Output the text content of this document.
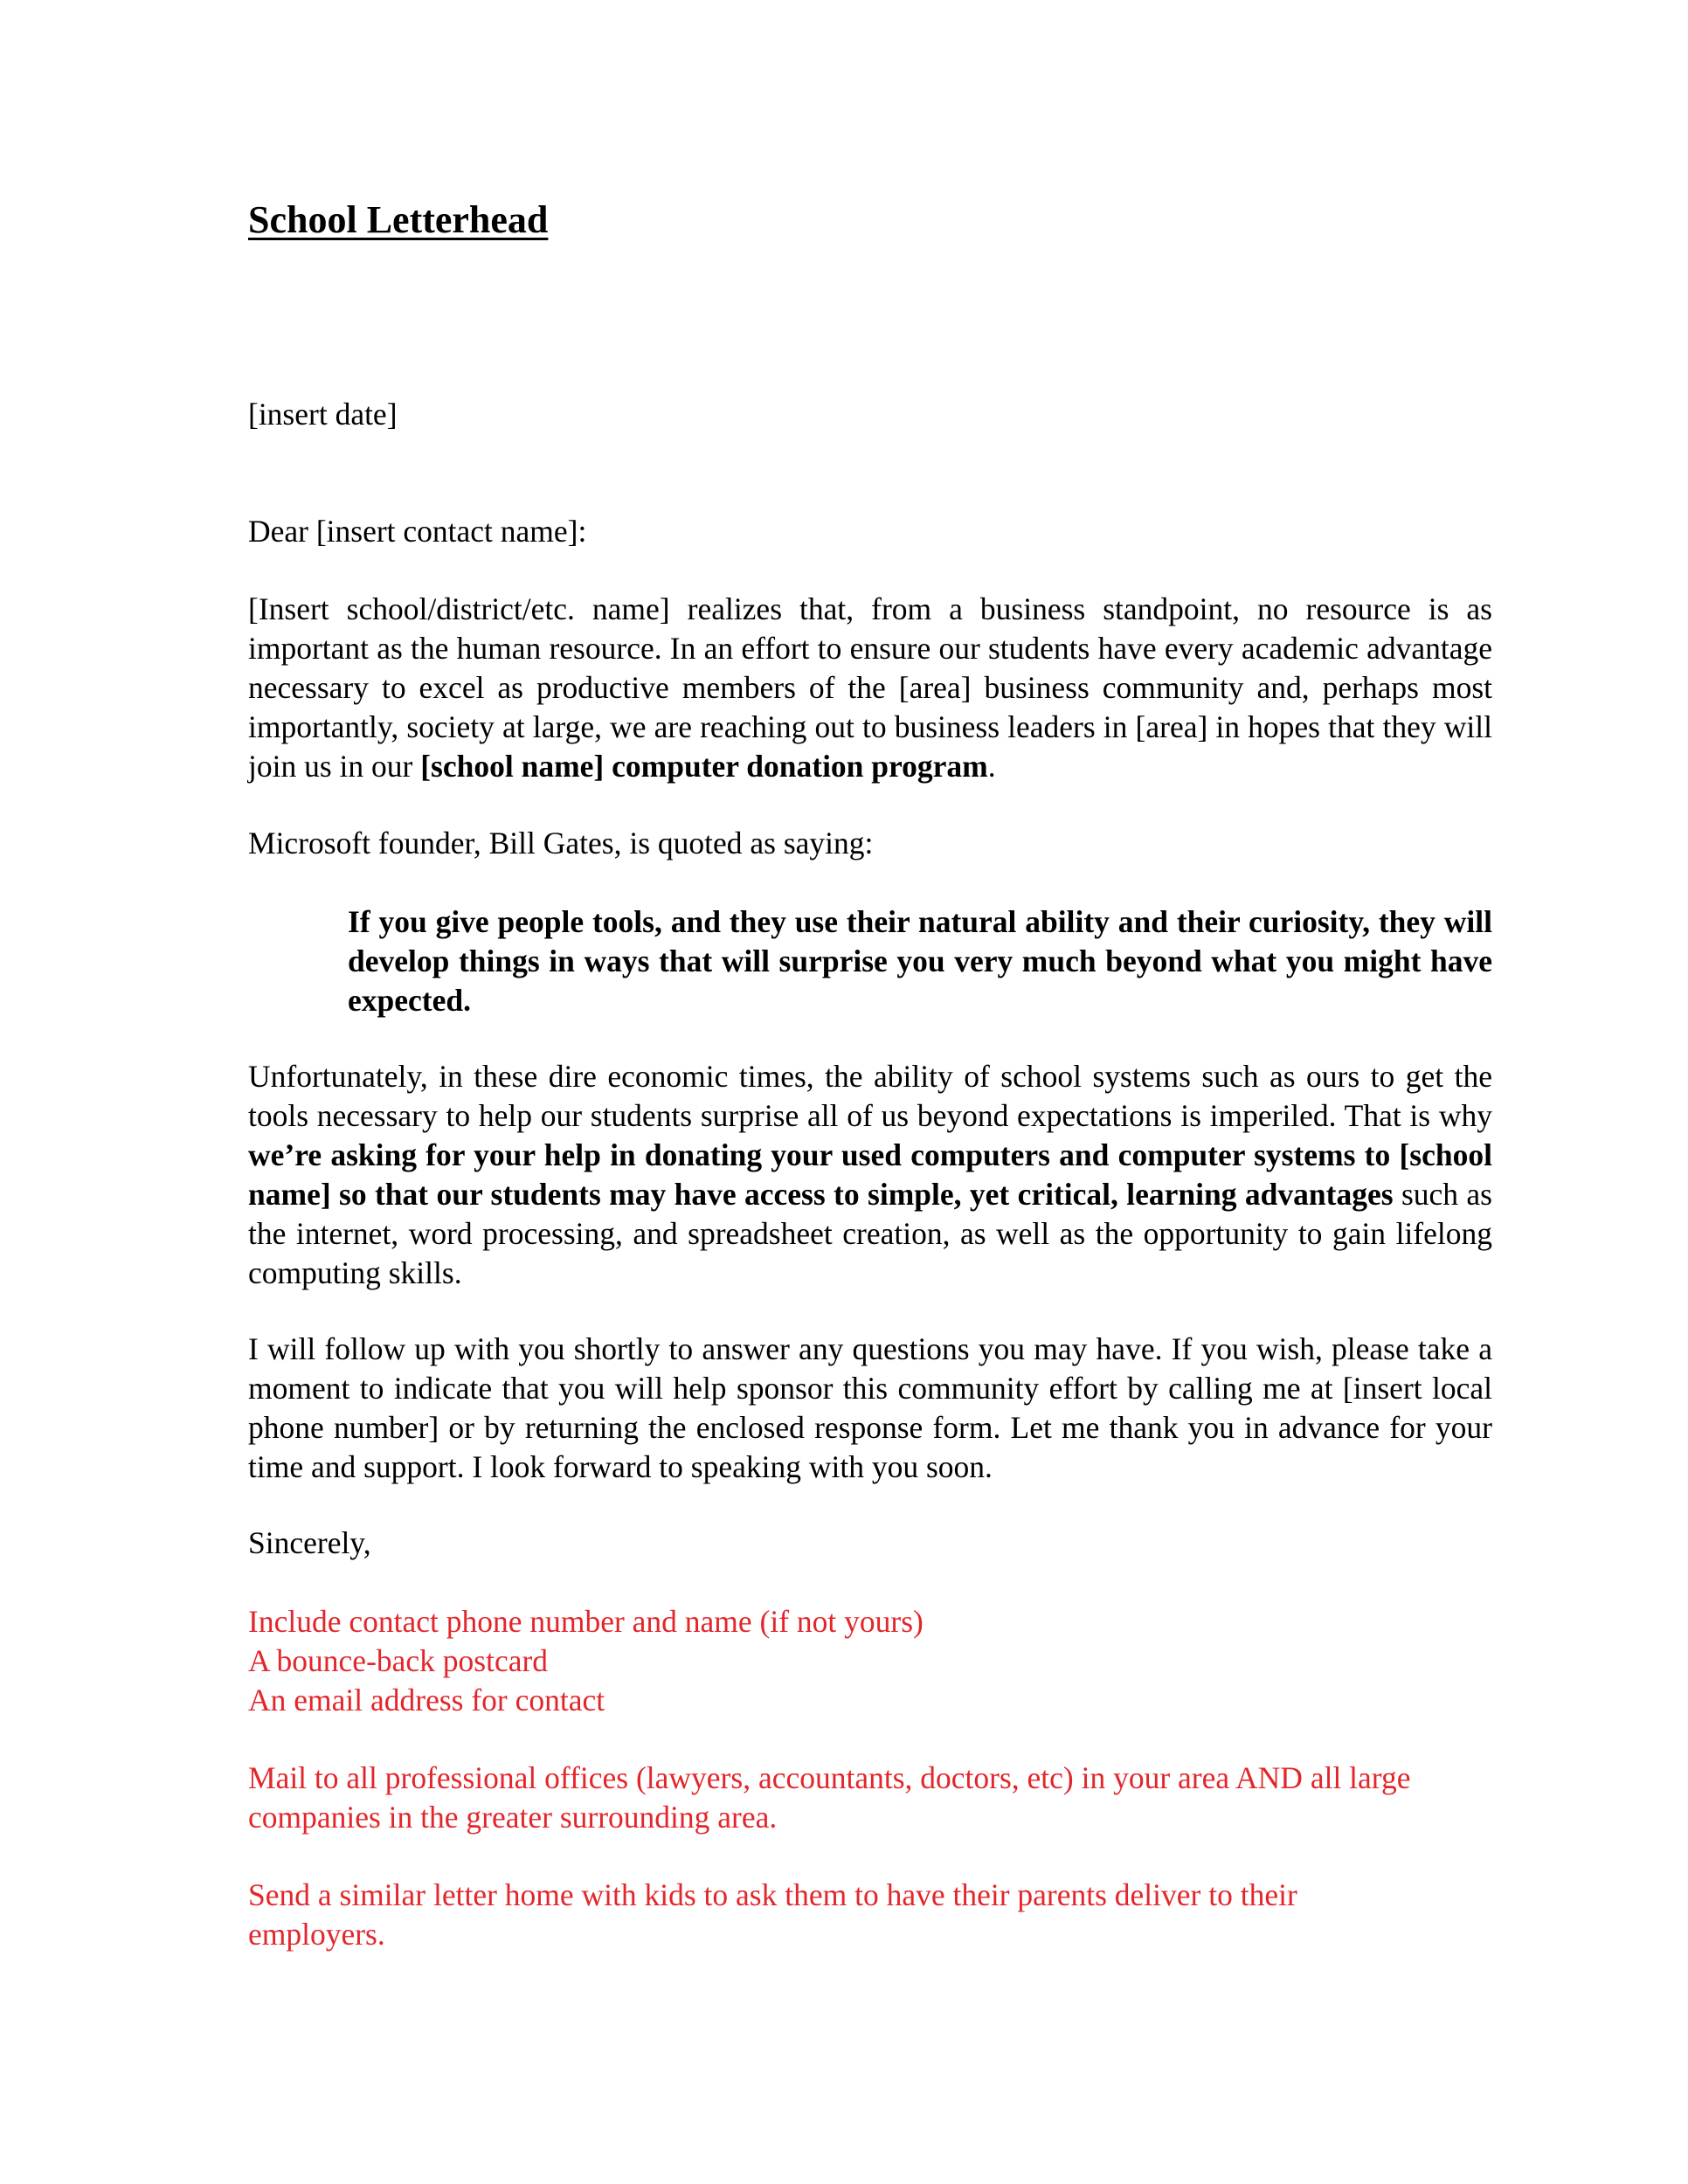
School Letterhead

[insert date]

Dear [insert contact name]:

[Insert school/district/etc. name] realizes that, from a business standpoint, no resource is as important as the human resource. In an effort to ensure our students have every academic advantage necessary to excel as productive members of the [area] business community and, perhaps most importantly, society at large, we are reaching out to business leaders in [area] in hopes that they will join us in our [school name] computer donation program.

Microsoft founder, Bill Gates, is quoted as saying:

If you give people tools, and they use their natural ability and their curiosity, they will develop things in ways that will surprise you very much beyond what you might have expected.

Unfortunately, in these dire economic times, the ability of school systems such as ours to get the tools necessary to help our students surprise all of us beyond expectations is imperiled. That is why we’re asking for your help in donating your used computers and computer systems to [school name] so that our students may have access to simple, yet critical, learning advantages such as the internet, word processing, and spreadsheet creation, as well as the opportunity to gain lifelong computing skills.

I will follow up with you shortly to answer any questions you may have. If you wish, please take a moment to indicate that you will help sponsor this community effort by calling me at [insert local phone number] or by returning the enclosed response form. Let me thank you in advance for your time and support. I look forward to speaking with you soon.

Sincerely,

Include contact phone number and name (if not yours)
A bounce-back postcard
An email address for contact

Mail to all professional offices (lawyers, accountants, doctors, etc) in your area AND all large companies in the greater surrounding area.

Send a similar letter home with kids to ask them to have their parents deliver to their employers.
